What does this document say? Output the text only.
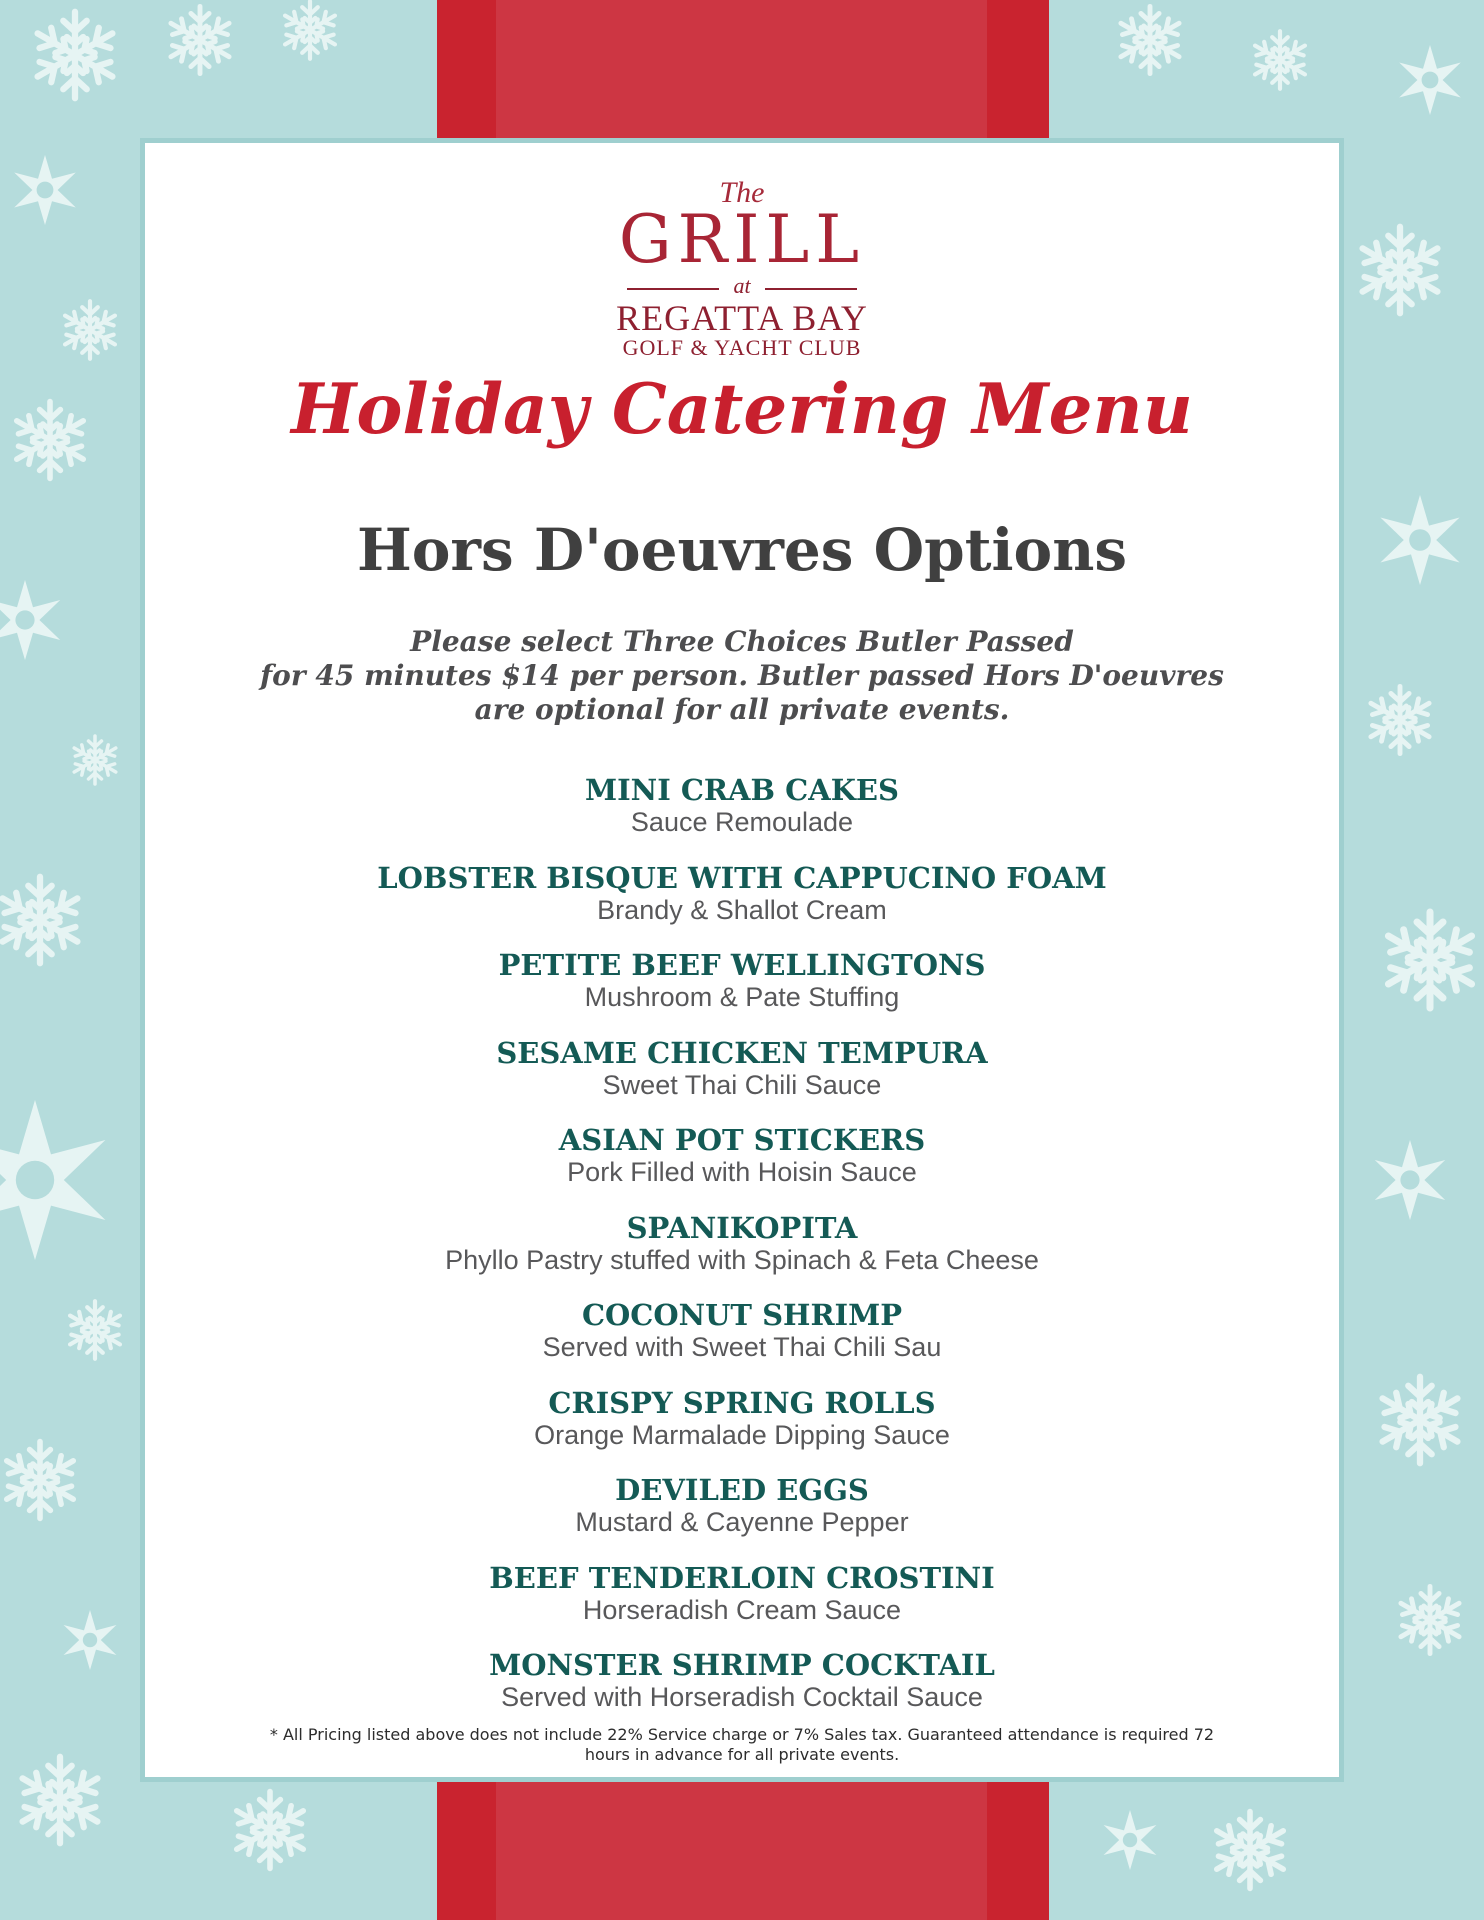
The
GRILL
at
REGATTA BAY
GOLF & YACHT CLUB
Holiday Catering Menu
Hors D'oeuvres Options
Please select Three Choices Butler Passed
for 45 minutes $14 per person. Butler passed Hors D'oeuvres
are optional for all private events.
MINI CRAB CAKES
Sauce Remoulade
LOBSTER BISQUE WITH CAPPUCINO FOAM
Brandy & Shallot Cream
PETITE BEEF WELLINGTONS
Mushroom & Pate Stuffing
SESAME CHICKEN TEMPURA
Sweet Thai Chili Sauce
ASIAN POT STICKERS
Pork Filled with Hoisin Sauce
SPANIKOPITA
Phyllo Pastry stuffed with Spinach & Feta Cheese
COCONUT SHRIMP
Served with Sweet Thai Chili Sau
CRISPY SPRING ROLLS
Orange Marmalade Dipping Sauce
DEVILED EGGS
Mustard & Cayenne Pepper
BEEF TENDERLOIN CROSTINI
Horseradish Cream Sauce
MONSTER SHRIMP COCKTAIL
Served with Horseradish Cocktail Sauce
* All Pricing listed above does not include 22% Service charge or 7% Sales tax. Guaranteed attendance is required 72
hours in advance for all private events.
